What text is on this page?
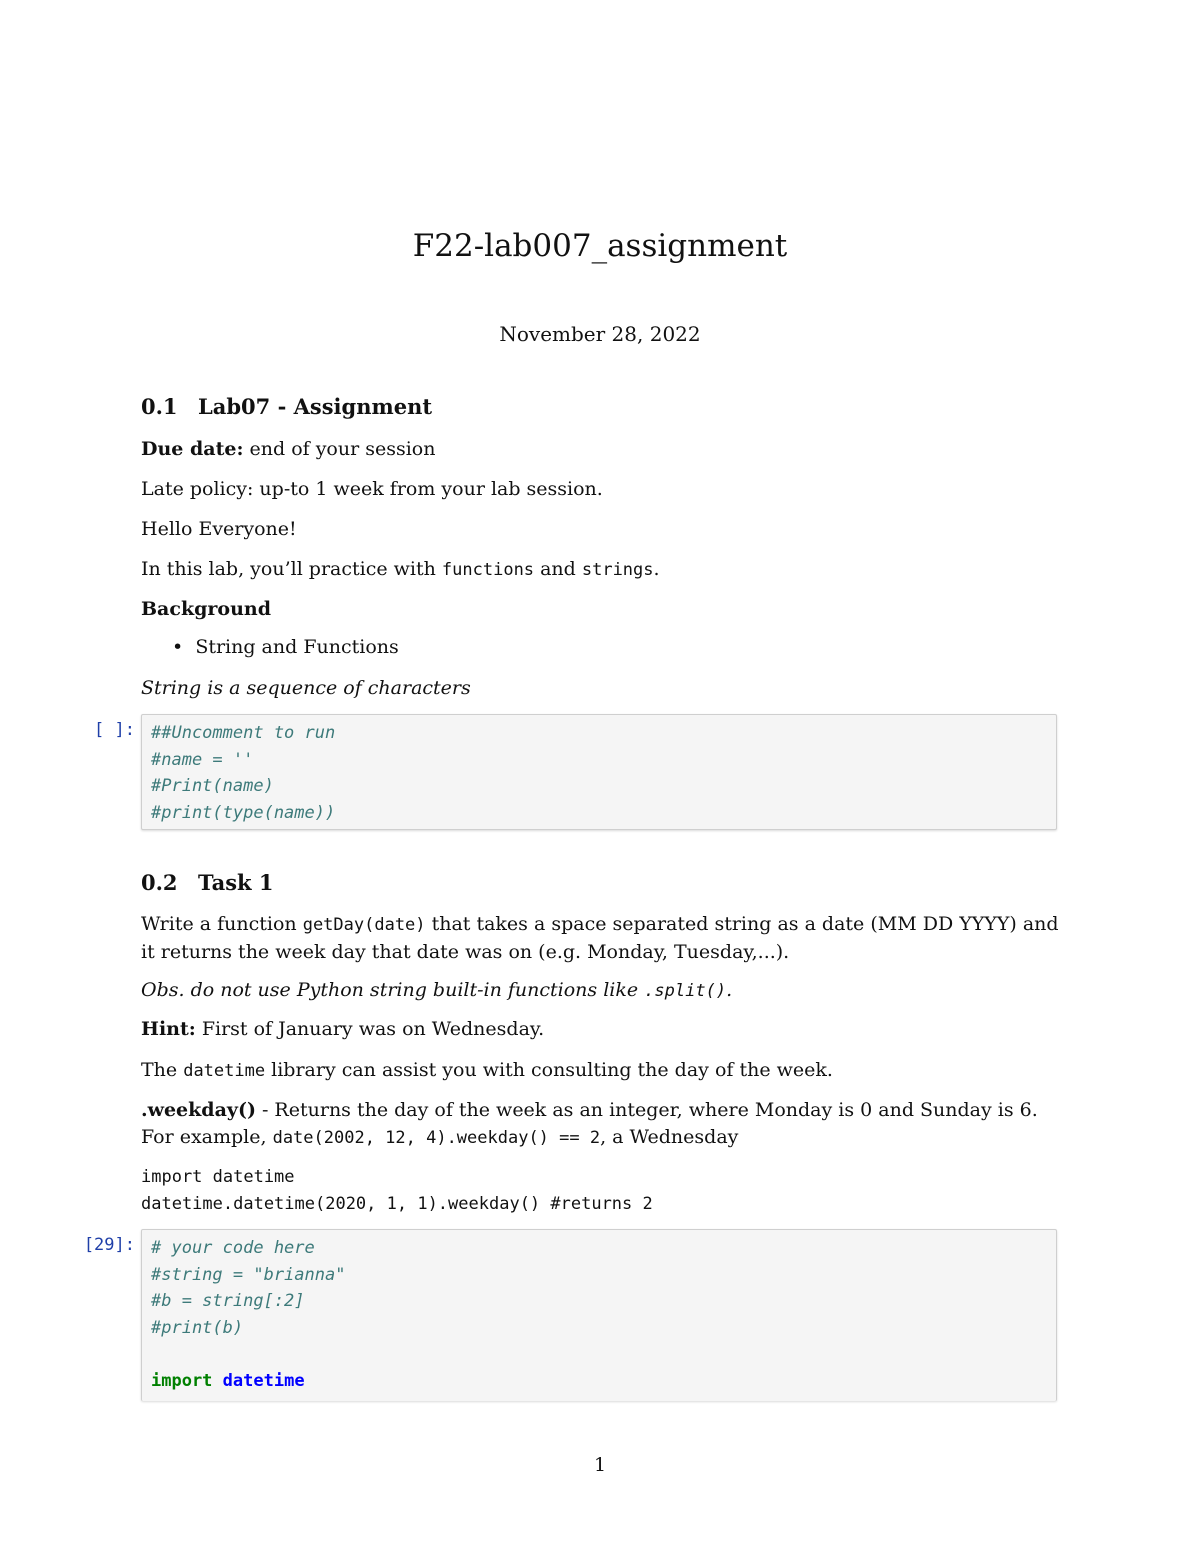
F22-lab007_assignment
November 28, 2022
0.1 Lab07 - Assignment
Due date: end of your session
Late policy: up-to 1 week from your lab session.
Hello Everyone!
In this lab, you’ll practice with functions and strings.
Background
• String and Functions
String is a sequence of characters
[ ]: ##Uncomment to run
#name = ''
#Print(name)
#print(type(name))
0.2 Task 1
Write a function getDay(date) that takes a space separated string as a date (MM DD YYYY) and it returns the week day that date was on (e.g. Monday, Tuesday,...).
Obs. do not use Python string built-in functions like .split().
Hint: First of January was on Wednesday.
The datetime library can assist you with consulting the day of the week.
.weekday() - Returns the day of the week as an integer, where Monday is 0 and Sunday is 6. For example, date(2002, 12, 4).weekday() == 2, a Wednesday
import datetime
datetime.datetime(2020, 1, 1).weekday() #returns 2
[29]: # your code here
#string = "brianna"
#b = string[:2]
#print(b)
import datetime
1
